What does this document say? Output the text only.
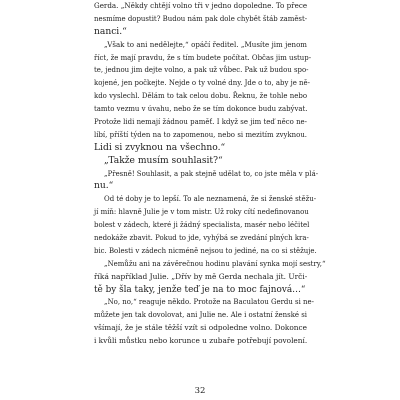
Gerda. „Někdy chtějí volno tři v jedno dopoledne. To přece
nesmíme dopustit? Budou nám pak dole chybět štáb zaměst-
nanci.“
„Však to ani nedělejte,“ opáčí ředitel. „Musíte jim jenom
říct, že mají pravdu, že s tím budete počítat. Občas jim ustup-
te, jednou jim dejte volno, a pak už vůbec. Pak už budou spo-
kojené, jen počkejte. Nejde o ty volné dny. Jde o to, aby je ně-
kdo vyslechl. Dělám to tak celou dobu. Řeknu, že tohle nebo
tamto vezmu v úvahu, nebo že se tím dokonce budu zabývat.
Protože lidi nemají žádnou paměť. I když se jim teď něco ne-
líbí, příští týden na to zapomenou, nebo si mezitím zvyknou.
Lidi si zvyknou na všechno.“
„Takže musím souhlasit?“
„Přesně! Souhlasit, a pak stejně udělat to, co jste měla v plá-
nu.“
Od té doby je to lepší. To ale neznamená, že si ženské stěžu-
jí míň: hlavně Julie je v tom mistr. Už roky cítí nedefinovanou
bolest v zádech, které ji žádný specialista, masér nebo léčitel
nedokáže zbavit. Pokud to jde, vyhýbá se zvedání plných kra-
bic. Bolesti v zádech nicméně nejsou to jediné, na co si stěžuje.
„Nemůžu ani na závěrečnou hodinu plavání synka mojí sestry,“
říká například Julie. „Dřív by mě Gerda nechala jít. Urči-
tě by šla taky, jenže teď je na to moc fajnová…“
„No, no,“ reaguje někdo. Protože na Baculatou Gerdu si ne-
můžete jen tak dovolovat, ani Julie ne. Ale i ostatní ženské si
všímají, že je stále těžší vzít si odpoledne volno. Dokonce
i kvůli můstku nebo korunce u zubaře potřebují povolení.
32
